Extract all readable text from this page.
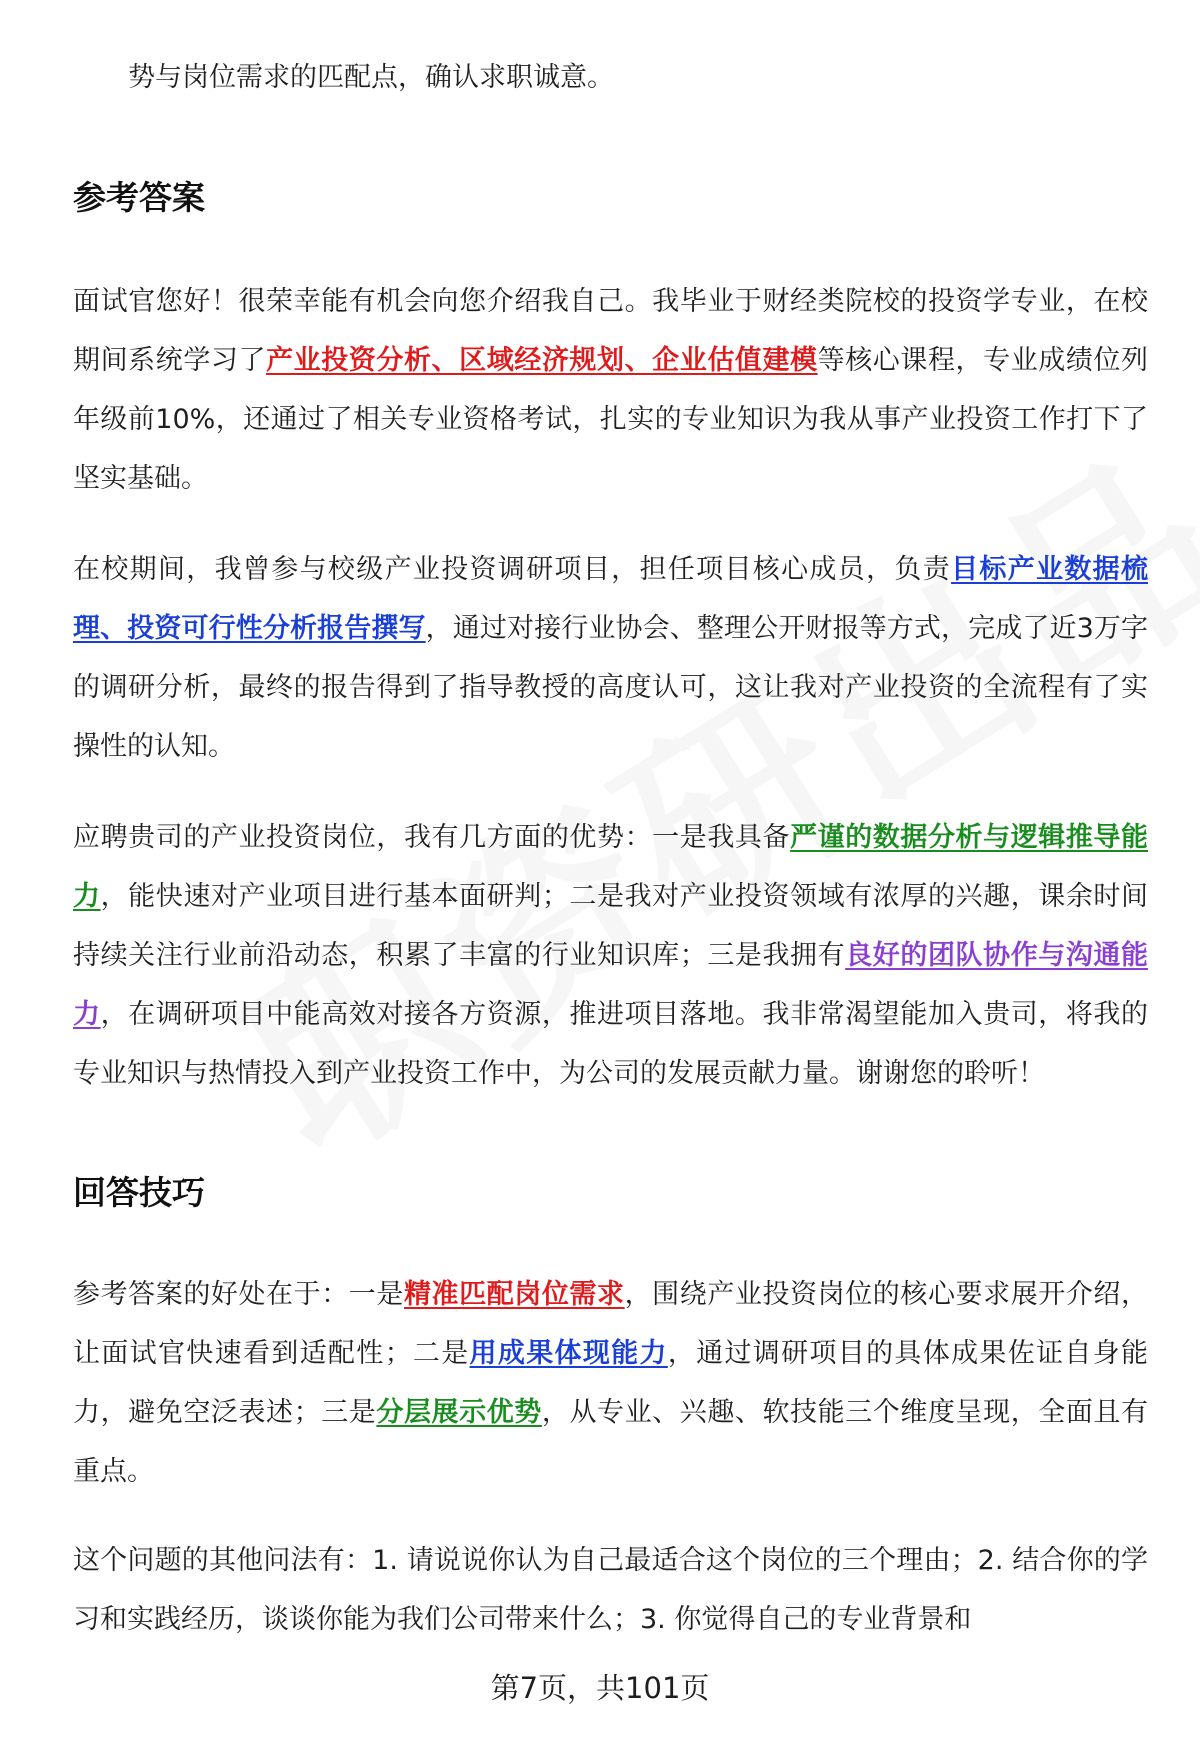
势与岗位需求的匹配点，确认求职诚意。
参考答案

面试官您好！很荣幸能有机会向您介绍我自己。我毕业于财经类院校的投资学专业，在校期间系统学习了产业投资分析、区域经济规划、企业估值建模等核心课程，专业成绩位列年级前10%，还通过了相关专业资格考试，扎实的专业知识为我从事产业投资工作打下了坚实基础。

在校期间，我曾参与校级产业投资调研项目，担任项目核心成员，负责目标产业数据梳理、投资可行性分析报告撰写，通过对接行业协会、整理公开财报等方式，完成了近3万字的调研分析，最终的报告得到了指导教授的高度认可，这让我对产业投资的全流程有了实操性的认知。

应聘贵司的产业投资岗位，我有几方面的优势：一是我具备严谨的数据分析与逻辑推导能力，能快速对产业项目进行基本面研判；二是我对产业投资领域有浓厚的兴趣，课余时间持续关注行业前沿动态，积累了丰富的行业知识库；三是我拥有良好的团队协作与沟通能力，在调研项目中能高效对接各方资源，推进项目落地。我非常渴望能加入贵司，将我的专业知识与热情投入到产业投资工作中，为公司的发展贡献力量。谢谢您的聆听！

回答技巧

参考答案的好处在于：一是精准匹配岗位需求，围绕产业投资岗位的核心要求展开介绍，让面试官快速看到适配性；二是用成果体现能力，通过调研项目的具体成果佐证自身能力，避免空泛表述；三是分层展示优势，从专业、兴趣、软技能三个维度呈现，全面且有重点。

这个问题的其他问法有：1. 请说说你认为自己最适合这个岗位的三个理由；2. 结合你的学习和实践经历，谈谈你能为我们公司带来什么；3. 你觉得自己的专业背景和

第7页，共101页
